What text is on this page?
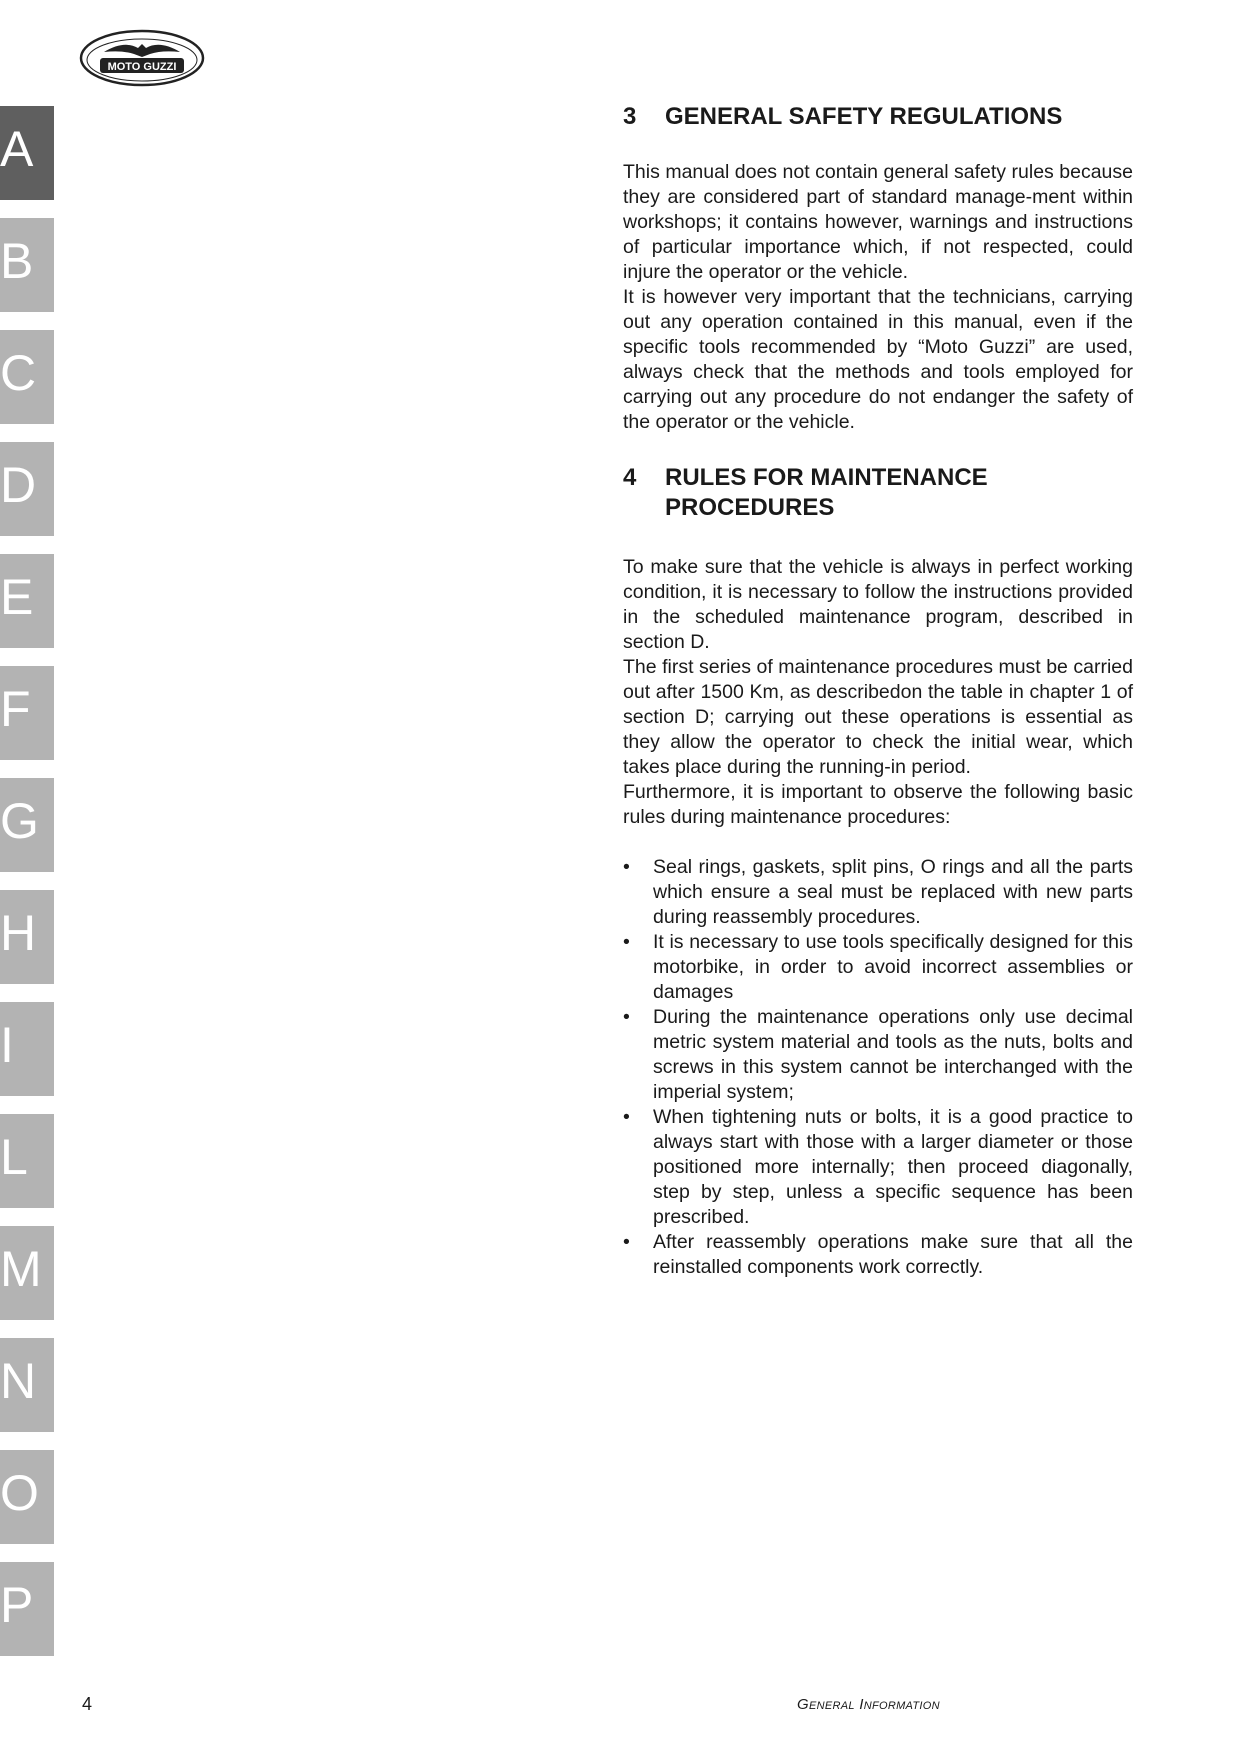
MOTO GUZZI
A
B
C
D
E
F
G
H
I
L
M
N
O
P
3	GENERAL SAFETY REGULATIONS

This manual does not contain general safety rules because they are considered part of standard manage-ment within workshops; it contains however, warnings and instructions of particular importance which, if not respected, could injure the operator or the vehicle.

It is however very important that the technicians, carrying out any operation contained in this manual, even if the specific tools recommended by “Moto Guzzi” are used, always check that the methods and tools employed for carrying out any procedure do not endanger the safety of the operator or the vehicle.

4	RULES FOR MAINTENANCE
PROCEDURES

To make sure that the vehicle is always in perfect working condition, it is necessary to follow the instructions provided in the scheduled maintenance program, described in section D.

The first series of maintenance procedures must be carried out after 1500 Km, as describedon the table in chapter 1 of section D; carrying out these operations is essential as they allow the operator to check the initial wear, which takes place during the running-in period.

Furthermore, it is important to observe the following basic rules during maintenance procedures:

• Seal rings, gaskets, split pins, O rings and all the parts which ensure a seal must be replaced with new parts during reassembly procedures.
• It is necessary to use tools specifically designed for this motorbike, in order to avoid incorrect assemblies or damages
• During the maintenance operations only use decimal metric system material and tools as the nuts, bolts and screws in this system cannot be interchanged with the imperial system;
• When tightening nuts or bolts, it is a good practice to always start with those with a larger diameter or those positioned more internally; then proceed diagonally, step by step, unless a specific sequence has been prescribed.
• After reassembly operations make sure that all the reinstalled components work correctly.
4	General Information
